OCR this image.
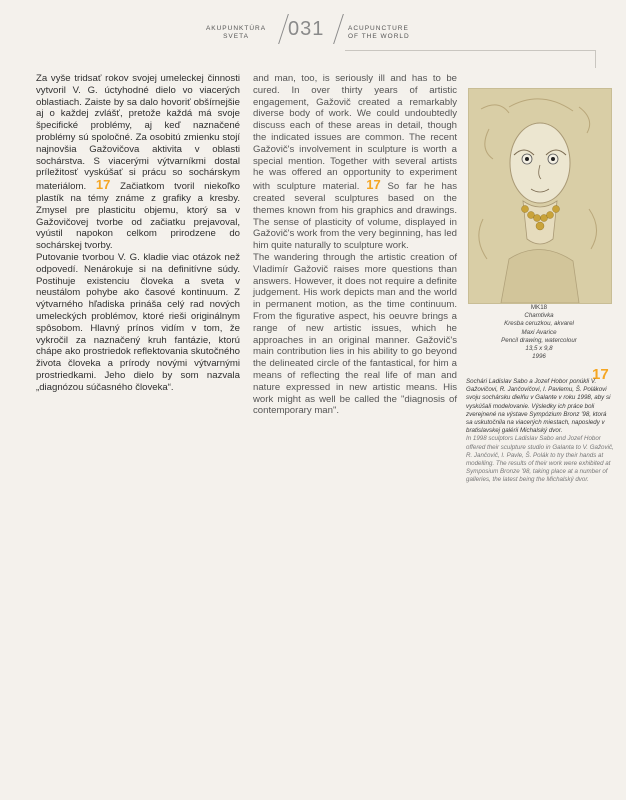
AKUPUNKTÚRA
SVETA	031	ACUPUNCTURE
OF THE WORLD

Za vyše tridsať rokov svojej umeleckej činnosti vytvoril V. G. úctyhodné dielo vo viacerých oblastiach. Zaiste by sa dalo hovoriť obšírnejšie aj o každej zvlášť, pretože každá má svoje špecifické problémy, aj keď naznačené problémy sú spoločné. Za osobitú zmienku stojí najnovšia Gažovičova aktivita v oblasti sochárstva. S viacerými výtvarníkmi dostal príležitosť vyskúšať si prácu so sochárskym materiálom. 17 Začiatkom tvoril niekoľko plastík na témy známe z grafiky a kresby. Zmysel pre plasticitu objemu, ktorý sa v Gažovičovej tvorbe od začiatku prejavoval, vyústil napokon celkom prirodzene do sochárskej tvorby.

Putovanie tvorbou V. G. kladie viac otázok než odpovedí. Nenárokuje si na definitívne súdy. Postihuje existenciu človeka a sveta v neustálom pohybe ako časové kontinuum. Z výtvarného hľadiska prináša celý rad nových umeleckých problémov, ktoré rieši originálnym spôsobom. Hlavný prínos vidím v tom, že vykročil za naznačený kruh fantázie, ktorú chápe ako prostriedok reflektovania skutočného života človeka a prírody novými výtvarnými prostriedkami. Jeho dielo by som nazvala „diagnózou súčasného človeka“.

and man, too, is seriously ill and has to be cured. In over thirty years of artistic engagement, Gažovič created a remarkably diverse body of work. We could undoubtedly discuss each of these areas in detail, though the indicated issues are common. The recent Gažovič's involvement in sculpture is worth a special mention. Together with several artists he was offered an opportunity to experiment with sculpture material. 17 So far he has created several sculptures based on the themes known from his graphics and drawings. The sense of plasticity of volume, displayed in Gažovič's work from the very beginning, has led him quite naturally to sculpture work.

The wandering through the artistic creation of Vladimír Gažovič raises more questions than answers. However, it does not require a definite judgement. His work depicts man and the world in permanent motion, as the time continuum. From the figurative aspect, his oeuvre brings a range of new artistic issues, which he approaches in an original manner. Gažovič's main contribution lies in his ability to go beyond the delineated circle of the fantastical, for him a means of reflecting the real life of man and nature expressed in new artistic means. His work might as well be called the "diagnosis of contemporary man".

MK18
Chamtivka
Kresba ceruzkou, akvarel
Maxi Avarice
Pencil drawing, watercolour
13,5 x 9,8
1996
17
Sochári Ladislav Sabo a Jozef Hobor ponúkli V. Gažovičovi, R. Jančovičovi, I. Pavlemu, Š. Polákovi svoju sochársku dielňu v Galante v roku 1998, aby si vyskúšali modelovanie. Výsledky ich práce boli zverejnené na výstave Sympózium Bronz '98, ktorá sa uskutočnila na viacerých miestach, naposledy v bratislavskej galérii Michalský dvor.
In 1998 sculptors Ladislav Sabo and Jozef Hobor offered their sculpture studio in Galanta to V. Gažovič, R. Jančovič, I. Pavle, Š. Polák to try their hands at modelling. The results of their work were exhibited at Symposium Bronze '98, taking place at a number of galleries, the latest being the Michalský dvor.
